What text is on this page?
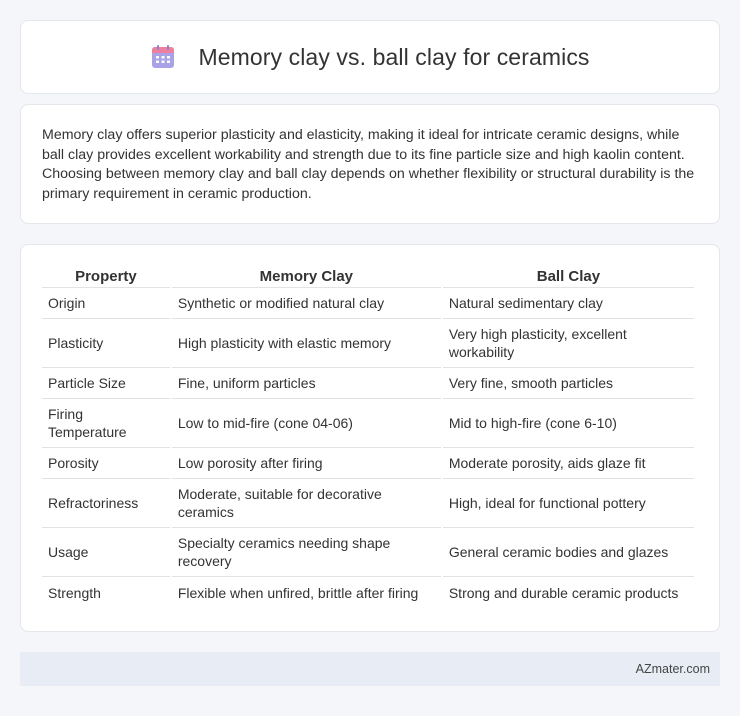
Memory clay vs. ball clay for ceramics

Memory clay offers superior plasticity and elasticity, making it ideal for intricate ceramic designs, while ball clay provides excellent workability and strength due to its fine particle size and high kaolin content. Choosing between memory clay and ball clay depends on whether flexibility or structural durability is the primary requirement in ceramic production.

Property	Memory Clay	Ball Clay
Origin	Synthetic or modified natural clay	Natural sedimentary clay
Plasticity	High plasticity with elastic memory	Very high plasticity, excellent workability
Particle Size	Fine, uniform particles	Very fine, smooth particles
Firing Temperature	Low to mid-fire (cone 04-06)	Mid to high-fire (cone 6-10)
Porosity	Low porosity after firing	Moderate porosity, aids glaze fit
Refractoriness	Moderate, suitable for decorative ceramics	High, ideal for functional pottery
Usage	Specialty ceramics needing shape recovery	General ceramic bodies and glazes
Strength	Flexible when unfired, brittle after firing	Strong and durable ceramic products
AZmater.com
